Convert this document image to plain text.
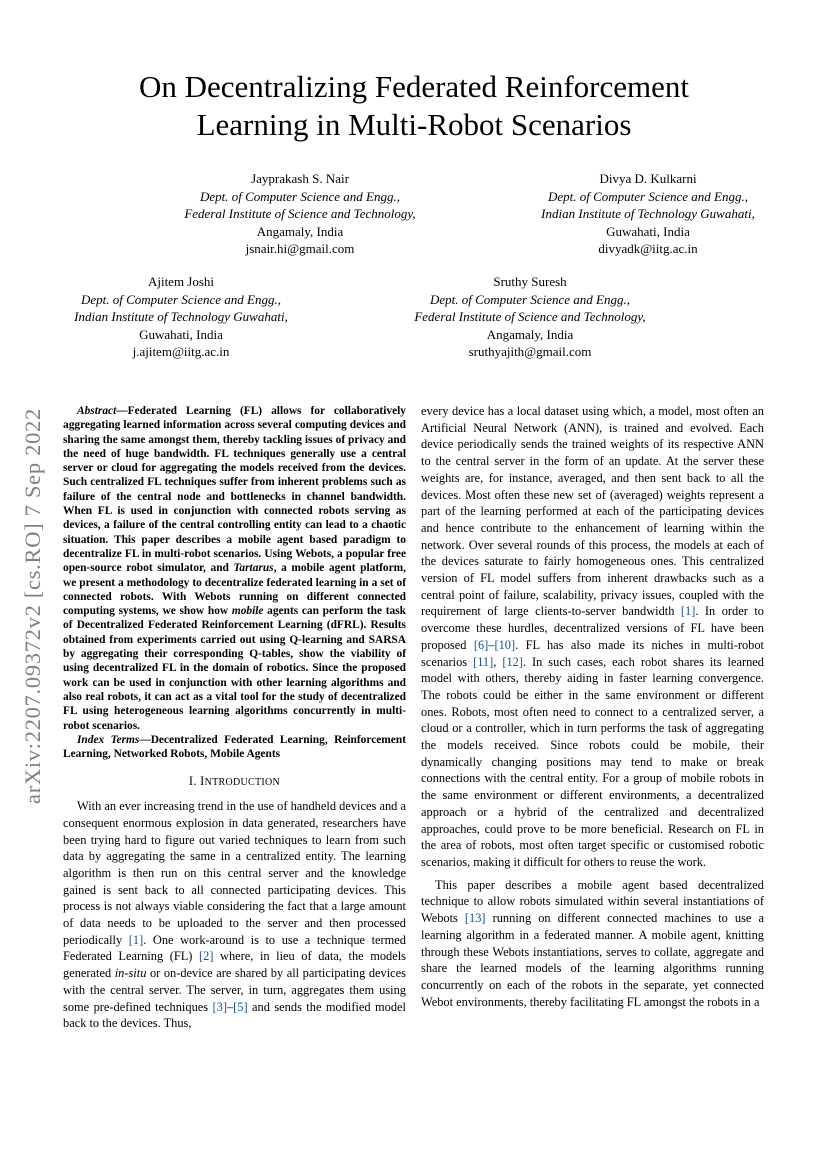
arXiv:2207.09372v2 [cs.RO] 7 Sep 2022
On Decentralizing Federated Reinforcement
Learning in Multi-Robot Scenarios
Jayprakash S. Nair
Dept. of Computer Science and Engg.,
Federal Institute of Science and Technology,
Angamaly, India
jsnair.hi@gmail.com
Divya D. Kulkarni
Dept. of Computer Science and Engg.,
Indian Institute of Technology Guwahati,
Guwahati, India
divyadk@iitg.ac.in
Ajitem Joshi
Dept. of Computer Science and Engg.,
Indian Institute of Technology Guwahati,
Guwahati, India
j.ajitem@iitg.ac.in
Sruthy Suresh
Dept. of Computer Science and Engg.,
Federal Institute of Science and Technology,
Angamaly, India
sruthyajith@gmail.com

Abstract—Federated Learning (FL) allows for collaboratively aggregating learned information across several computing devices and sharing the same amongst them, thereby tackling issues of privacy and the need of huge bandwidth. FL techniques generally use a central server or cloud for aggregating the models received from the devices. Such centralized FL techniques suffer from inherent problems such as failure of the central node and bottlenecks in channel bandwidth. When FL is used in conjunction with connected robots serving as devices, a failure of the central controlling entity can lead to a chaotic situation. This paper describes a mobile agent based paradigm to decentralize FL in multi-robot scenarios. Using Webots, a popular free open-source robot simulator, and Tartarus, a mobile agent platform, we present a methodology to decentralize federated learning in a set of connected robots. With Webots running on different connected computing systems, we show how mobile agents can perform the task of Decentralized Federated Reinforcement Learning (dFRL). Results obtained from experiments carried out using Q-learning and SARSA by aggregating their corresponding Q-tables, show the viability of using decentralized FL in the domain of robotics. Since the proposed work can be used in conjunction with other learning algorithms and also real robots, it can act as a vital tool for the study of decentralized FL using heterogeneous learning algorithms concurrently in multi-robot scenarios.

Index Terms—Decentralized Federated Learning, Reinforcement Learning, Networked Robots, Mobile Agents

I. INTRODUCTION

With an ever increasing trend in the use of handheld devices and a consequent enormous explosion in data generated, researchers have been trying hard to figure out varied techniques to learn from such data by aggregating the same in a centralized entity. The learning algorithm is then run on this central server and the knowledge gained is sent back to all connected participating devices. This process is not always viable considering the fact that a large amount of data needs to be uploaded to the server and then processed periodically [1]. One work-around is to use a technique termed Federated Learning (FL) [2] where, in lieu of data, the models generated in-situ or on-device are shared by all participating devices with the central server. The server, in turn, aggregates them using some pre-defined techniques [3]–[5] and sends the modified model back to the devices. Thus,

every device has a local dataset using which, a model, most often an Artificial Neural Network (ANN), is trained and evolved. Each device periodically sends the trained weights of its respective ANN to the central server in the form of an update. At the server these weights are, for instance, averaged, and then sent back to all the devices. Most often these new set of (averaged) weights represent a part of the learning performed at each of the participating devices and hence contribute to the enhancement of learning within the network. Over several rounds of this process, the models at each of the devices saturate to fairly homogeneous ones. This centralized version of FL model suffers from inherent drawbacks such as a central point of failure, scalability, privacy issues, coupled with the requirement of large clients-to-server bandwidth [1]. In order to overcome these hurdles, decentralized versions of FL have been proposed [6]–[10]. FL has also made its niches in multi-robot scenarios [11], [12]. In such cases, each robot shares its learned model with others, thereby aiding in faster learning convergence. The robots could be either in the same environment or different ones. Robots, most often need to connect to a centralized server, a cloud or a controller, which in turn performs the task of aggregating the models received. Since robots could be mobile, their dynamically changing positions may tend to make or break connections with the central entity. For a group of mobile robots in the same environment or different environments, a decentralized approach or a hybrid of the centralized and decentralized approaches, could prove to be more beneficial. Research on FL in the area of robots, most often target specific or customised robotic scenarios, making it difficult for others to reuse the work.

This paper describes a mobile agent based decentralized technique to allow robots simulated within several instantiations of Webots [13] running on different connected machines to use a learning algorithm in a federated manner. A mobile agent, knitting through these Webots instantiations, serves to collate, aggregate and share the learned models of the learning algorithms running concurrently on each of the robots in the separate, yet connected Webot environments, thereby facilitating FL amongst the robots in a
